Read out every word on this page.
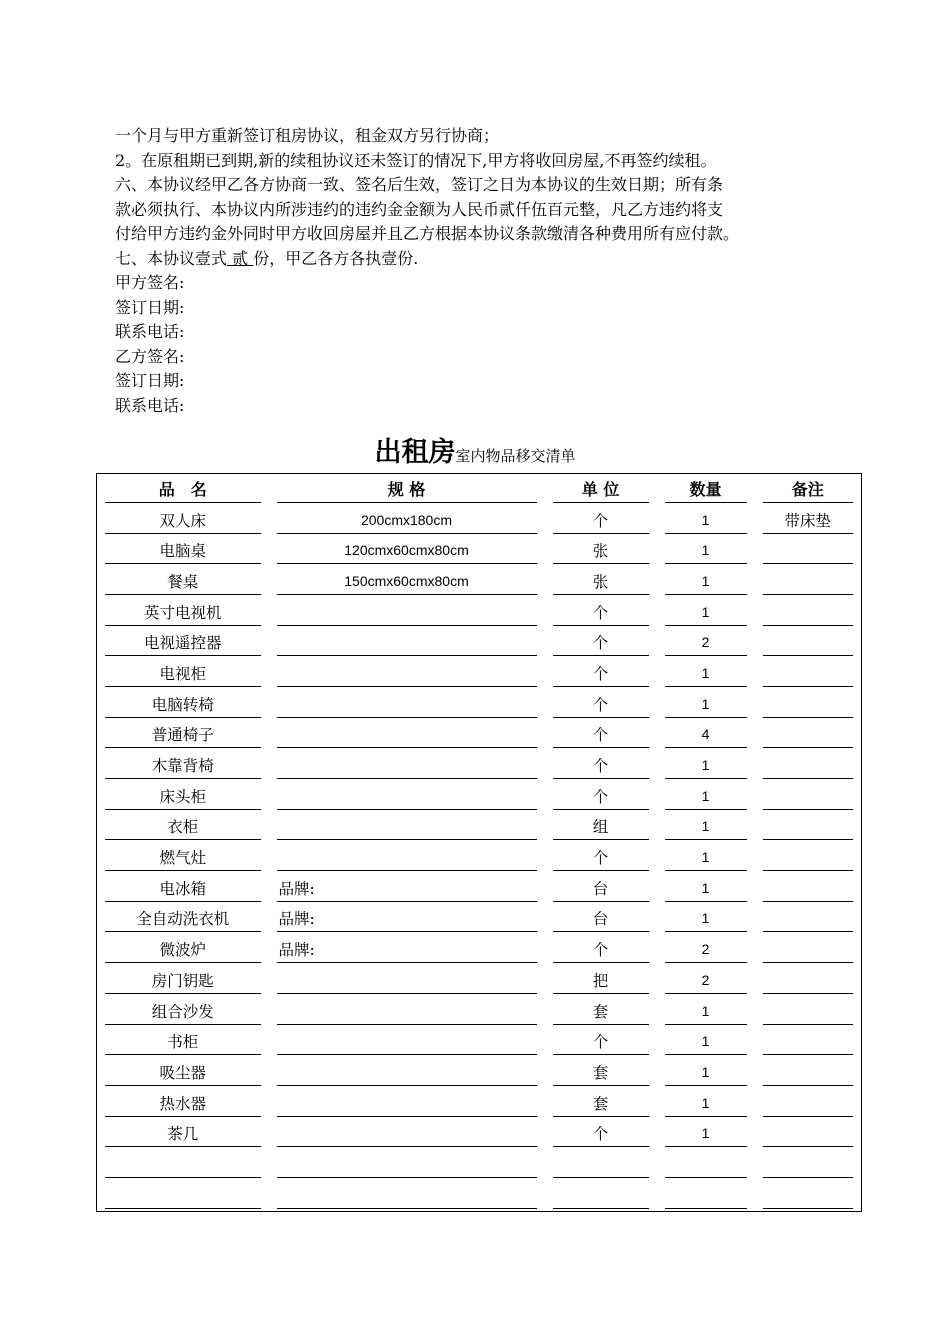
一个月与甲方重新签订租房协议，租金双方另行协商；

2。在原租期已到期,新的续租协议还未签订的情况下,甲方将收回房屋,不再签约续租。

六、本协议经甲乙各方协商一致、签名后生效，签订之日为本协议的生效日期；所有条

款必须执行、本协议内所涉违约的违约金金额为人民币贰仟伍百元整，凡乙方违约将支

付给甲方违约金外同时甲方收回房屋并且乙方根据本协议条款缴清各种费用所有应付款。

七、本协议壹式 贰 份，甲乙各方各执壹份.

甲方签名:

签订日期:

联系电话:

乙方签名:

签订日期:

联系电话:

出租房室内物品移交清单
品　名	规 格	单 位	数量	备注

双人床	200cmx180cm	个	1	带床垫

电脑桌	120cmx60cmx80cm	张	1	

餐桌	150cmx60cmx80cm	张	1	

英寸电视机		个	1	

电视遥控器		个	2	

电视柜		个	1	

电脑转椅		个	1	

普通椅子		个	4	

木靠背椅		个	1	

床头柜		个	1	

衣柜		组	1	

燃气灶		个	1	

电冰箱	品牌:	台	1	

全自动洗衣机	品牌:	台	1	

微波炉	品牌:	个	2	

房门钥匙		把	2	

组合沙发		套	1	

书柜		个	1	

吸尘器		套	1	

热水器		套	1	

茶几		个	1	
